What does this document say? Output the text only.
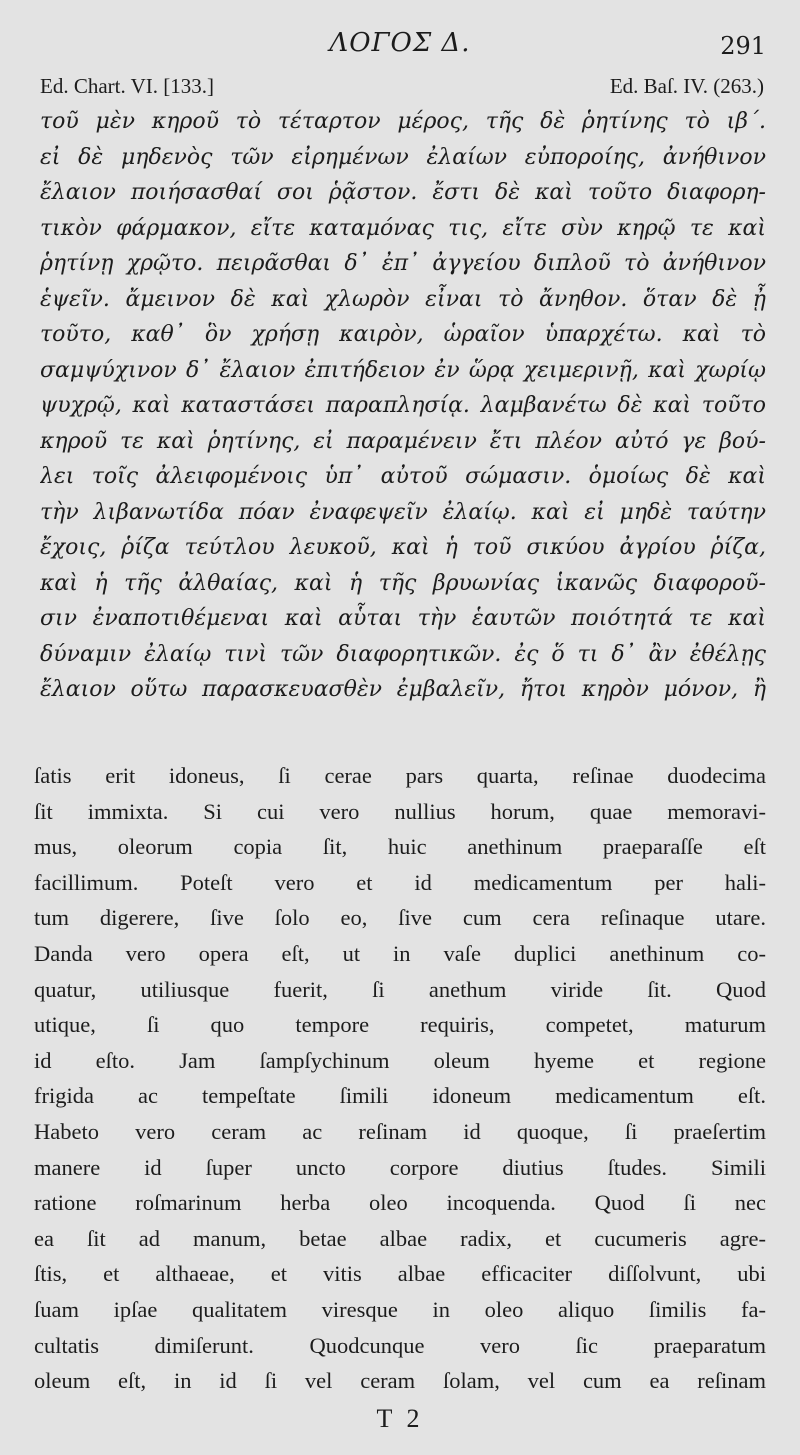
ΛΟΓΟΣ Δ.	291
Ed. Chart. VI. [133.]	Ed. Baſ. IV. (263.)
τοῦ μὲν κηροῦ τὸ τέταρτον μέρος, τῆς δὲ ῥητίνης τὸ ιβ΄.
εἰ δὲ μηδενὸς τῶν εἰρημένων ἐλαίων εὐποροίης, ἀνήθινον
ἔλαιον ποιήσασθαί σοι ῥᾷστον. ἔστι δὲ καὶ τοῦτο διαφορη-
τικὸν φάρμακον, εἴτε καταμόνας τις, εἴτε σὺν κηρῷ τε καὶ
ῥητίνῃ χρῷτο. πειρᾶσθαι δ᾽ ἐπ᾽ ἀγγείου διπλοῦ τὸ ἀνήθινον
ἑψεῖν. ἄμεινον δὲ καὶ χλωρὸν εἶναι τὸ ἄνηθον. ὅταν δὲ ᾖ
τοῦτο, καθ᾽ ὃν χρήσῃ καιρὸν, ὡραῖον ὑπαρχέτω. καὶ τὸ
σαμψύχινον δ᾽ ἔλαιον ἐπιτήδειον ἐν ὥρᾳ χειμερινῇ, καὶ χωρίῳ
ψυχρῷ, καὶ καταστάσει παραπλησίᾳ. λαμβανέτω δὲ καὶ τοῦτο
κηροῦ τε καὶ ῥητίνης, εἰ παραμένειν ἔτι πλέον αὐτό γε βού-
λει τοῖς ἀλειφομένοις ὑπ᾽ αὐτοῦ σώμασιν. ὁμοίως δὲ καὶ
τὴν λιβανωτίδα πόαν ἐναφεψεῖν ἐλαίῳ. καὶ εἰ μηδὲ ταύτην
ἔχοις, ῥίζα τεύτλου λευκοῦ, καὶ ἡ τοῦ σικύου ἀγρίου ῥίζα,
καὶ ἡ τῆς ἀλθαίας, καὶ ἡ τῆς βρυωνίας ἱκανῶς διαφοροῦ-
σιν ἐναποτιθέμεναι καὶ αὗται τὴν ἑαυτῶν ποιότητά τε καὶ
δύναμιν ἐλαίῳ τινὶ τῶν διαφορητικῶν. ἐς ὅ τι δ᾽ ἂν ἐθέλῃς
ἔλαιον οὕτω παρασκευασθὲν ἐμβαλεῖν, ἤτοι κηρὸν μόνον, ἢ
ſatis erit idoneus, ſi cerae pars quarta, reſinae duodecima
ſit immixta. Si cui vero nullius horum, quae memoravi-
mus, oleorum copia ſit, huic anethinum praeparaſſe eſt
facillimum. Poteſt vero et id medicamentum per hali-
tum digerere, ſive ſolo eo, ſive cum cera reſinaque utare.
Danda vero opera eſt, ut in vaſe duplici anethinum co-
quatur, utiliusque fuerit, ſi anethum viride ſit. Quod
utique, ſi quo tempore requiris, competet, maturum
id eſto. Jam ſampſychinum oleum hyeme et regione
frigida ac tempeſtate ſimili idoneum medicamentum eſt.
Habeto vero ceram ac reſinam id quoque, ſi praeſertim
manere id ſuper uncto corpore diutius ſtudes. Simili
ratione roſmarinum herba oleo incoquenda. Quod ſi nec
ea ſit ad manum, betae albae radix, et cucumeris agre-
ſtis, et althaeae, et vitis albae efficaciter diſſolvunt, ubi
ſuam ipſae qualitatem viresque in oleo aliquo ſimilis fa-
cultatis dimiſerunt. Quodcunque vero ſic praeparatum
oleum eſt, in id ſi vel ceram ſolam, vel cum ea reſinam
T 2
